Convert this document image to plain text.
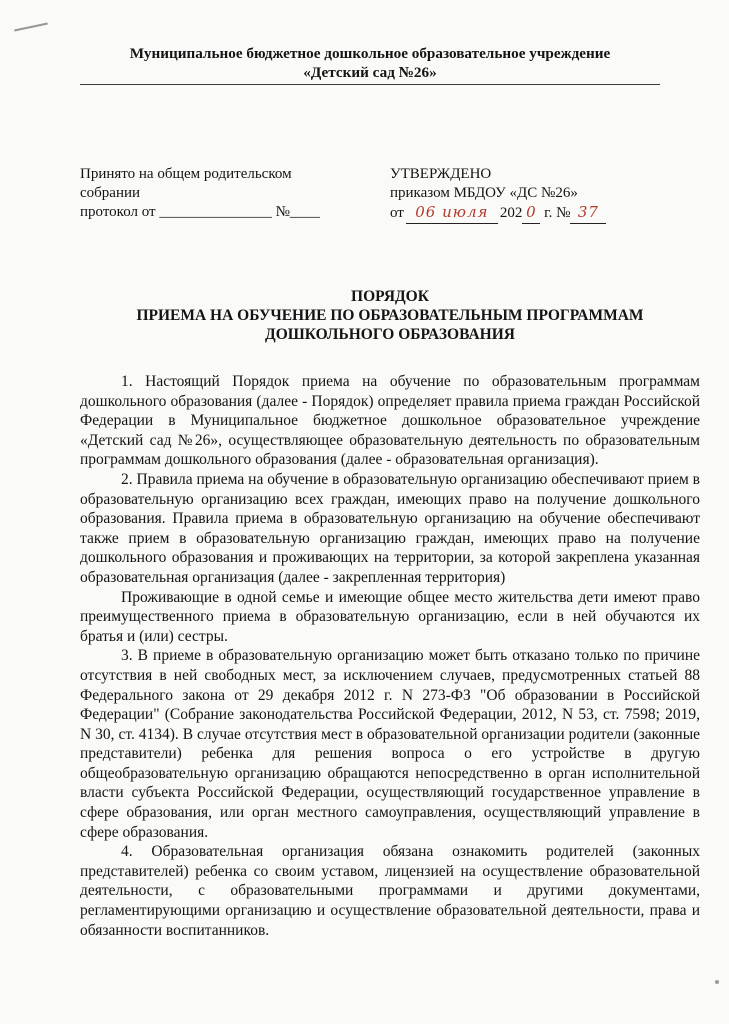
Муниципальное бюджетное дошкольное образовательное учреждение
«Детский сад №26»
Принято на общем родительском
собрании
протокол от _______________ №____
УТВЕРЖДЕНО
приказом МБДОУ «ДС №26»
от 06 июля 202 0 г. № 37
ПОРЯДОК
ПРИЕМА НА ОБУЧЕНИЕ ПО ОБРАЗОВАТЕЛЬНЫМ ПРОГРАММАМ
ДОШКОЛЬНОГО ОБРАЗОВАНИЯ

1. Настоящий Порядок приема на обучение по образовательным программам дошкольного образования (далее - Порядок) определяет правила приема граждан Российской Федерации в Муниципальное бюджетное дошкольное образовательное учреждение «Детский сад №26», осуществляющее образовательную деятельность по образовательным программам дошкольного образования (далее - образовательная организация).

2. Правила приема на обучение в образовательную организацию обеспечивают прием в образовательную организацию всех граждан, имеющих право на получение дошкольного образования. Правила приема в образовательную организацию на обучение обеспечивают также прием в образовательную организацию граждан, имеющих право на получение дошкольного образования и проживающих на территории, за которой закреплена указанная образовательная организация (далее - закрепленная территория)

Проживающие в одной семье и имеющие общее место жительства дети имеют право преимущественного приема в образовательную организацию, если в ней обучаются их братья и (или) сестры.

3. В приеме в образовательную организацию может быть отказано только по причине отсутствия в ней свободных мест, за исключением случаев, предусмотренных статьей 88 Федерального закона от 29 декабря 2012 г. N 273-ФЗ "Об образовании в Российской Федерации" (Собрание законодательства Российской Федерации, 2012, N 53, ст. 7598; 2019, N 30, ст. 4134). В случае отсутствия мест в образовательной организации родители (законные представители) ребенка для решения вопроса о его устройстве в другую общеобразовательную организацию обращаются непосредственно в орган исполнительной власти субъекта Российской Федерации, осуществляющий государственное управление в сфере образования, или орган местного самоуправления, осуществляющий управление в сфере образования.

4. Образовательная организация обязана ознакомить родителей (законных представителей) ребенка со своим уставом, лицензией на осуществление образовательной деятельности, с образовательными программами и другими документами, регламентирующими организацию и осуществление образовательной деятельности, права и обязанности воспитанников.
